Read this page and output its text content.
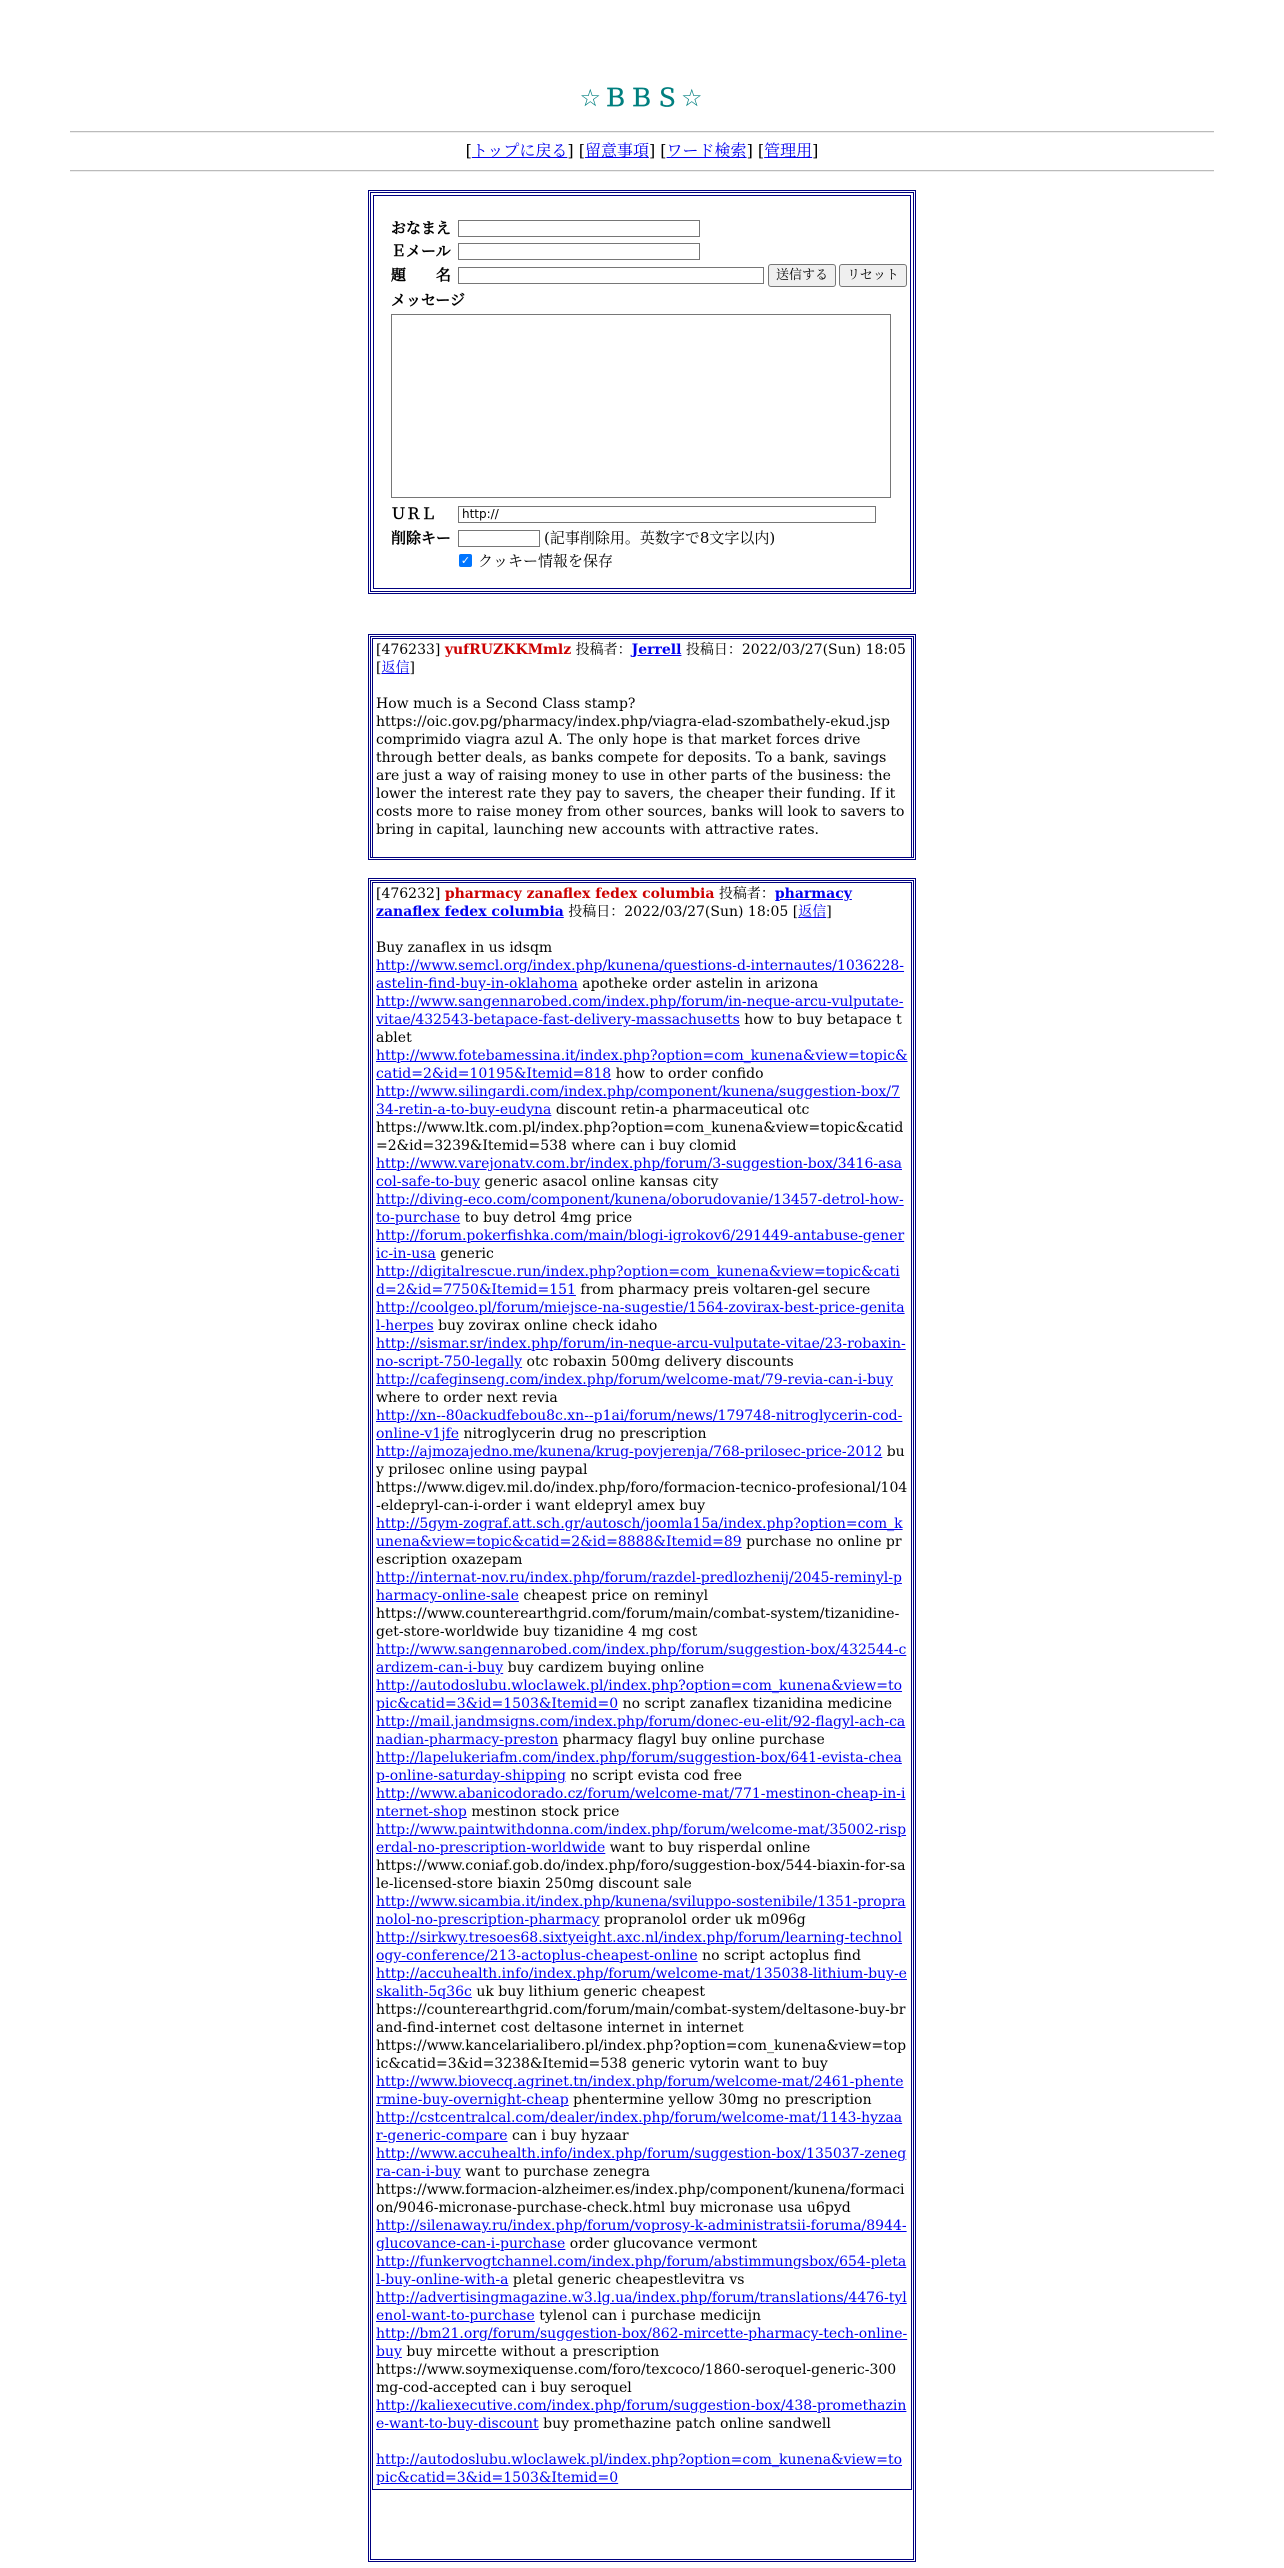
☆ＢＢＳ☆
[トップに戻る] [留意事項] [ワード検索] [管理用]
おなまえ
Ｅメール
題　　名	送信する	リセット
メッセージ
ＵＲＬ	http://
削除キー	(記事削除用。英数字で8文字以内)
✓ クッキー情報を保存
[476233] yufRUZKKMmlz 投稿者：Jerrell 投稿日：2022/03/27(Sun) 18:05 [返信]
How much is a Second Class stamp? https://oic.gov.pg/pharmacy/index.php/viagra-elad-szombathely-ekud.jsp comprimido viagra azul A. The only hope is that market forces drive through better deals, as banks compete for deposits. To a bank, savings are just a way of raising money to use in other parts of the business: the lower the interest rate they pay to savers, the cheaper their funding. If it costs more to raise money from other sources, banks will look to savers to bring in capital, launching new accounts with attractive rates.
[476232] pharmacy zanaflex fedex columbia 投稿者：pharmacy zanaflex fedex columbia 投稿日：2022/03/27(Sun) 18:05 [返信]
Buy zanaflex in us idsqm
http://www.semcl.org/index.php/kunena/questions-d-internautes/1036228-astelin-find-buy-in-oklahoma apotheke order astelin in arizona
http://www.sangennarobed.com/index.php/forum/in-neque-arcu-vulputate-vitae/432543-betapace-fast-delivery-massachusetts how to buy betapace tablet
http://www.fotebamessina.it/index.php?option=com_kunena&view=topic&catid=2&id=10195&Itemid=818 how to order confido
http://www.silingardi.com/index.php/component/kunena/suggestion-box/734-retin-a-to-buy-eudyna discount retin-a pharmaceutical otc
https://www.ltk.com.pl/index.php?option=com_kunena&view=topic&catid=2&id=3239&Itemid=538 where can i buy clomid
http://www.varejonatv.com.br/index.php/forum/3-suggestion-box/3416-asacol-safe-to-buy generic asacol online kansas city
http://diving-eco.com/component/kunena/oborudovanie/13457-detrol-how-to-purchase to buy detrol 4mg price
http://forum.pokerfishka.com/main/blogi-igrokov6/291449-antabuse-generic-in-usa generic
http://digitalrescue.run/index.php?option=com_kunena&view=topic&catid=2&id=7750&Itemid=151 from pharmacy preis voltaren-gel secure
http://coolgeo.pl/forum/miejsce-na-sugestie/1564-zovirax-best-price-genital-herpes buy zovirax online check idaho
http://sismar.sr/index.php/forum/in-neque-arcu-vulputate-vitae/23-robaxin-no-script-750-legally otc robaxin 500mg delivery discounts
http://cafeginseng.com/index.php/forum/welcome-mat/79-revia-can-i-buy where to order next revia
http://xn--80ackudfebou8c.xn--p1ai/forum/news/179748-nitroglycerin-cod-online-v1jfe nitroglycerin drug no prescription
http://ajmozajedno.me/kunena/krug-povjerenja/768-prilosec-price-2012 buy prilosec online using paypal
https://www.digev.mil.do/index.php/foro/formacion-tecnico-profesional/104-eldepryl-can-i-order i want eldepryl amex buy
http://5gym-zograf.att.sch.gr/autosch/joomla15a/index.php?option=com_kunena&view=topic&catid=2&id=8888&Itemid=89 purchase no online prescription oxazepam
http://internat-nov.ru/index.php/forum/razdel-predlozhenij/2045-reminyl-pharmacy-online-sale cheapest price on reminyl
https://www.counterearthgrid.com/forum/main/combat-system/tizanidine-get-store-worldwide buy tizanidine 4 mg cost
http://www.sangennarobed.com/index.php/forum/suggestion-box/432544-cardizem-can-i-buy buy cardizem buying online
http://autodoslubu.wloclawek.pl/index.php?option=com_kunena&view=topic&catid=3&id=1503&Itemid=0 no script zanaflex tizanidina medicine
http://mail.jandmsigns.com/index.php/forum/donec-eu-elit/92-flagyl-ach-canadian-pharmacy-preston pharmacy flagyl buy online purchase
http://lapelukeriafm.com/index.php/forum/suggestion-box/641-evista-cheap-online-saturday-shipping no script evista cod free
http://www.abanicodorado.cz/forum/welcome-mat/771-mestinon-cheap-in-internet-shop mestinon stock price
http://www.paintwithdonna.com/index.php/forum/welcome-mat/35002-risperdal-no-prescription-worldwide want to buy risperdal online
https://www.coniaf.gob.do/index.php/foro/suggestion-box/544-biaxin-for-sale-licensed-store biaxin 250mg discount sale
http://www.sicambia.it/index.php/kunena/sviluppo-sostenibile/1351-propranolol-no-prescription-pharmacy propranolol order uk m096g
http://sirkwy.tresoes68.sixtyeight.axc.nl/index.php/forum/learning-technology-conference/213-actoplus-cheapest-online no script actoplus find
http://accuhealth.info/index.php/forum/welcome-mat/135038-lithium-buy-eskalith-5q36c uk buy lithium generic cheapest
https://counterearthgrid.com/forum/main/combat-system/deltasone-buy-brand-find-internet cost deltasone internet in internet
https://www.kancelarialibero.pl/index.php?option=com_kunena&view=topic&catid=3&id=3238&Itemid=538 generic vytorin want to buy
http://www.biovecq.agrinet.tn/index.php/forum/welcome-mat/2461-phentermine-buy-overnight-cheap phentermine yellow 30mg no prescription
http://cstcentralcal.com/dealer/index.php/forum/welcome-mat/1143-hyzaar-generic-compare can i buy hyzaar
http://www.accuhealth.info/index.php/forum/suggestion-box/135037-zenegra-can-i-buy want to purchase zenegra
https://www.formacion-alzheimer.es/index.php/component/kunena/formacion/9046-micronase-purchase-check.html buy micronase usa u6pyd
http://silenaway.ru/index.php/forum/voprosy-k-administratsii-foruma/8944-glucovance-can-i-purchase order glucovance vermont
http://funkervogtchannel.com/index.php/forum/abstimmungsbox/654-pletal-buy-online-with-a pletal generic cheapestlevitra vs
http://advertisingmagazine.w3.lg.ua/index.php/forum/translations/4476-tylenol-want-to-purchase tylenol can i purchase medicijn
http://bm21.org/forum/suggestion-box/862-mircette-pharmacy-tech-online-buy buy mircette without a prescription
https://www.soymexiquense.com/foro/texcoco/1860-seroquel-generic-300mg-cod-accepted can i buy seroquel
http://kaliexecutive.com/index.php/forum/suggestion-box/438-promethazine-want-to-buy-discount buy promethazine patch online sandwell
http://autodoslubu.wloclawek.pl/index.php?option=com_kunena&view=topic&catid=3&id=1503&Itemid=0
